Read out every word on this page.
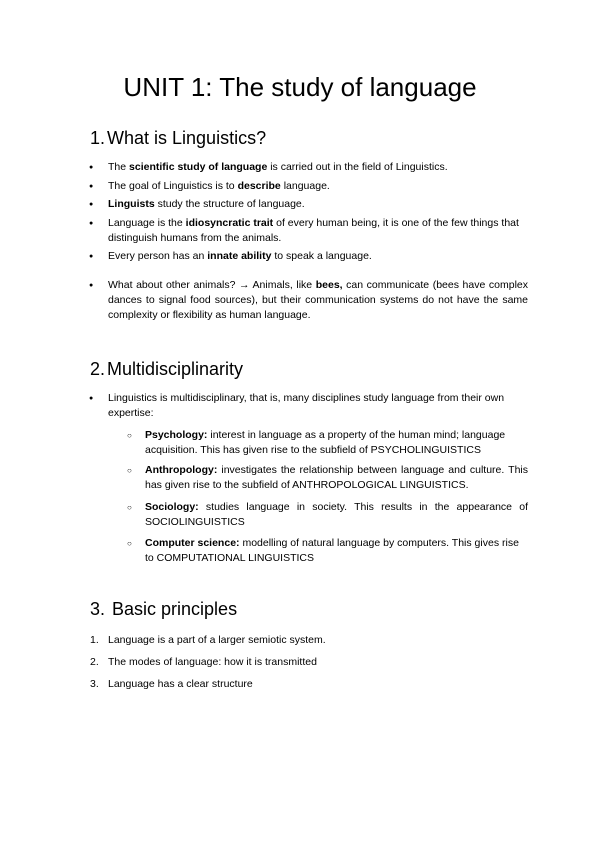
UNIT 1: The study of language
1. What is Linguistics?
● The scientific study of language is carried out in the field of Linguistics.
● The goal of Linguistics is to describe language.
● Linguists study the structure of language.
● Language is the idiosyncratic trait of every human being, it is one of the few things that distinguish humans from the animals.
● Every person has an innate ability to speak a language.
● What about other animals? → Animals, like bees, can communicate (bees have complex dances to signal food sources), but their communication systems do not have the same complexity or flexibility as human language.
2. Multidisciplinarity
● Linguistics is multidisciplinary, that is, many disciplines study language from their own expertise:
○ Psychology: interest in language as a property of the human mind; language acquisition. This has given rise to the subfield of PSYCHOLINGUISTICS
○ Anthropology: investigates the relationship between language and culture. This has given rise to the subfield of ANTHROPOLOGICAL LINGUISTICS.
○ Sociology: studies language in society. This results in the appearance of SOCIOLINGUISTICS
○ Computer science: modelling of natural language by computers. This gives rise to COMPUTATIONAL LINGUISTICS
3. Basic principles
1. Language is a part of a larger semiotic system.
2. The modes of language: how it is transmitted
3. Language has a clear structure
